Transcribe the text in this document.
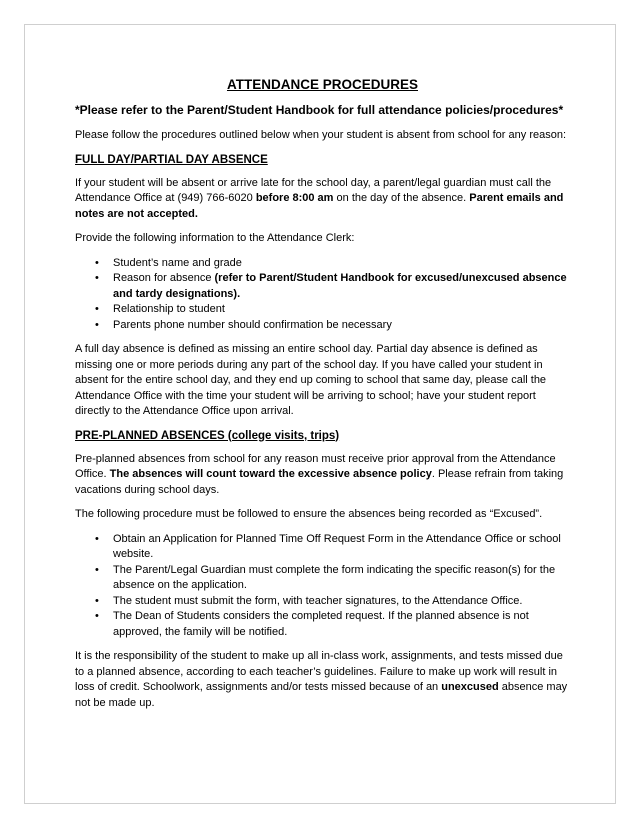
ATTENDANCE PROCEDURES
*Please refer to the Parent/Student Handbook for full attendance policies/procedures*

Please follow the procedures outlined below when your student is absent from school for any reason:

FULL DAY/PARTIAL DAY ABSENCE

If your student will be absent or arrive late for the school day, a parent/legal guardian must call the Attendance Office at (949) 766-6020 before 8:00 am on the day of the absence. Parent emails and notes are not accepted.

Provide the following information to the Attendance Clerk:

• Student’s name and grade
• Reason for absence (refer to Parent/Student Handbook for excused/unexcused absence and tardy designations).
• Relationship to student
• Parents phone number should confirmation be necessary

A full day absence is defined as missing an entire school day. Partial day absence is defined as missing one or more periods during any part of the school day. If you have called your student in absent for the entire school day, and they end up coming to school that same day, please call the Attendance Office with the time your student will be arriving to school; have your student report directly to the Attendance Office upon arrival.

PRE-PLANNED ABSENCES (college visits, trips)

Pre-planned absences from school for any reason must receive prior approval from the Attendance Office. The absences will count toward the excessive absence policy. Please refrain from taking vacations during school days.

The following procedure must be followed to ensure the absences being recorded as “Excused”.

• Obtain an Application for Planned Time Off Request Form in the Attendance Office or school website.
• The Parent/Legal Guardian must complete the form indicating the specific reason(s) for the absence on the application.
• The student must submit the form, with teacher signatures, to the Attendance Office.
• The Dean of Students considers the completed request. If the planned absence is not approved, the family will be notified.

It is the responsibility of the student to make up all in-class work, assignments, and tests missed due to a planned absence, according to each teacher’s guidelines. Failure to make up work will result in loss of credit. Schoolwork, assignments and/or tests missed because of an unexcused absence may not be made up.
